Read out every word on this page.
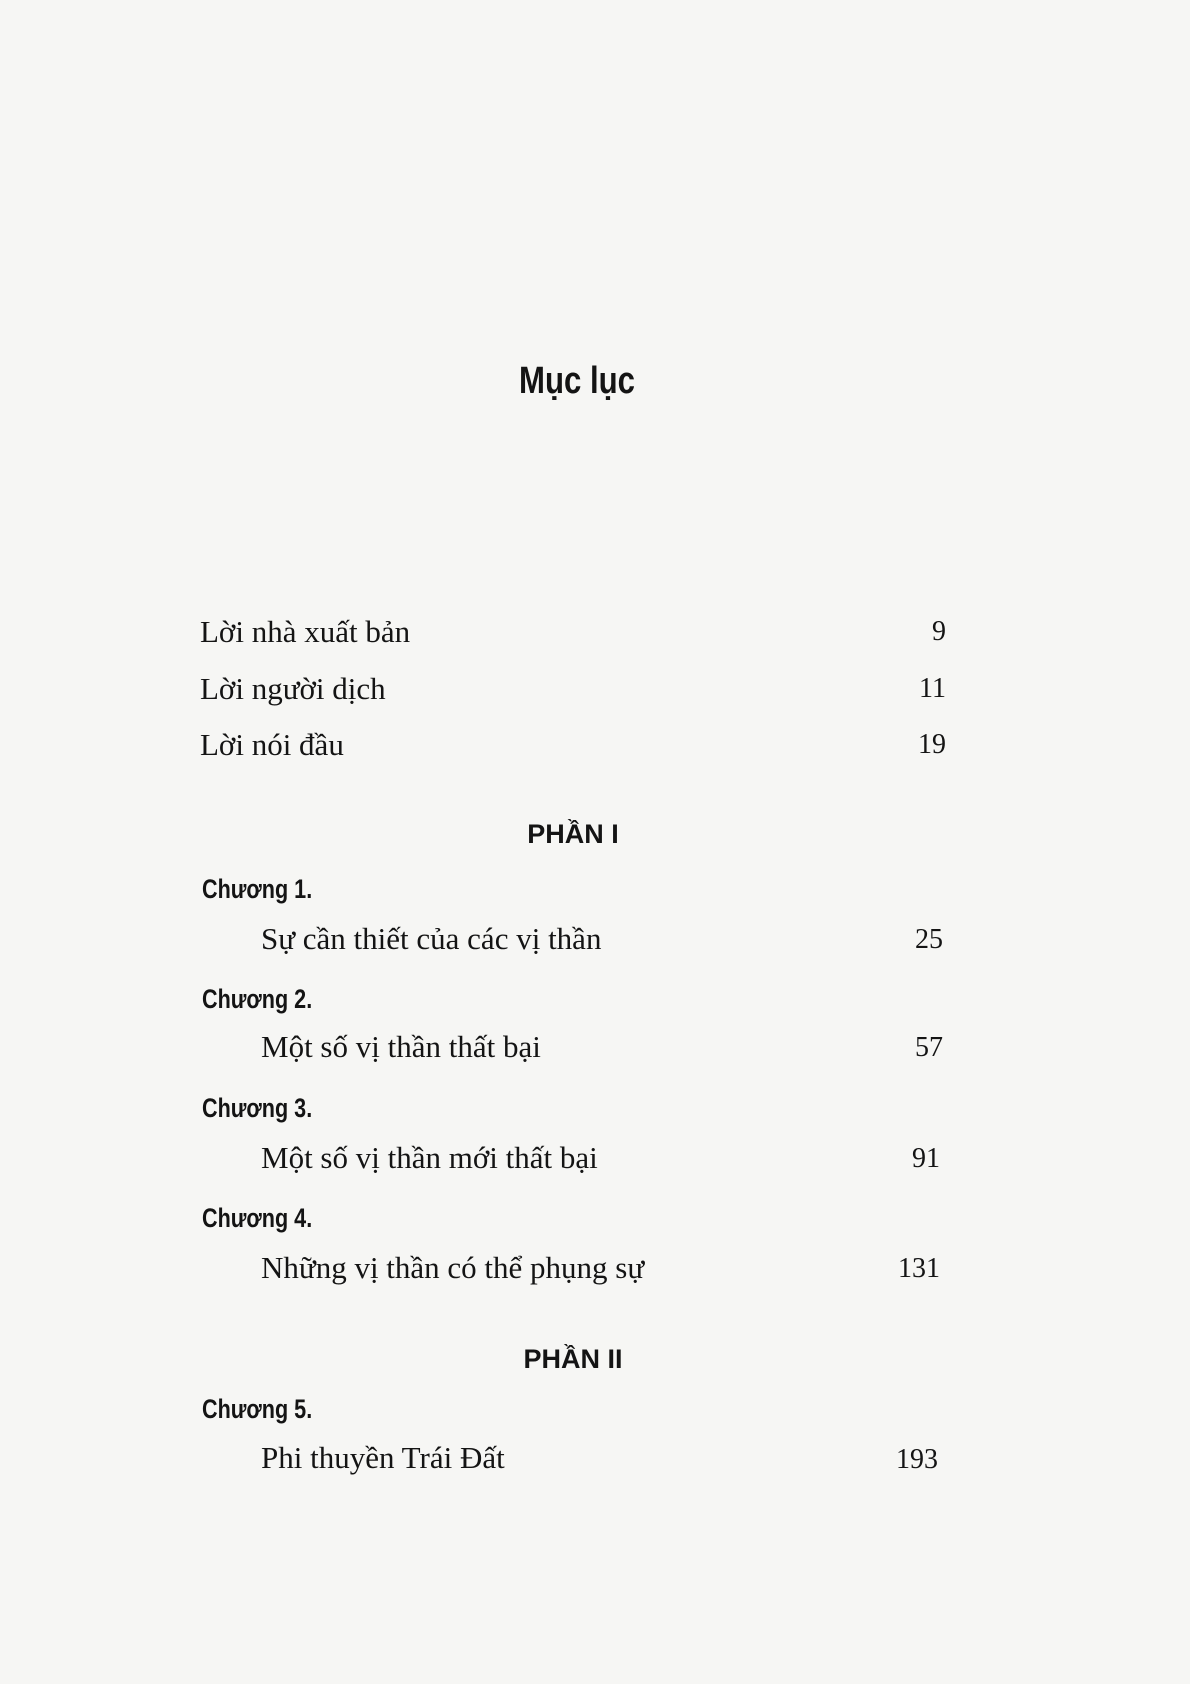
Mục lục
Lời nhà xuất bản	9
Lời người dịch	11
Lời nói đầu	19
PHẦN I
Chương 1.
Sự cần thiết của các vị thần	25
Chương 2.
Một số vị thần thất bại	57
Chương 3.
Một số vị thần mới thất bại	91
Chương 4.
Những vị thần có thể phụng sự	131
PHẦN II
Chương 5.
Phi thuyền Trái Đất	193
